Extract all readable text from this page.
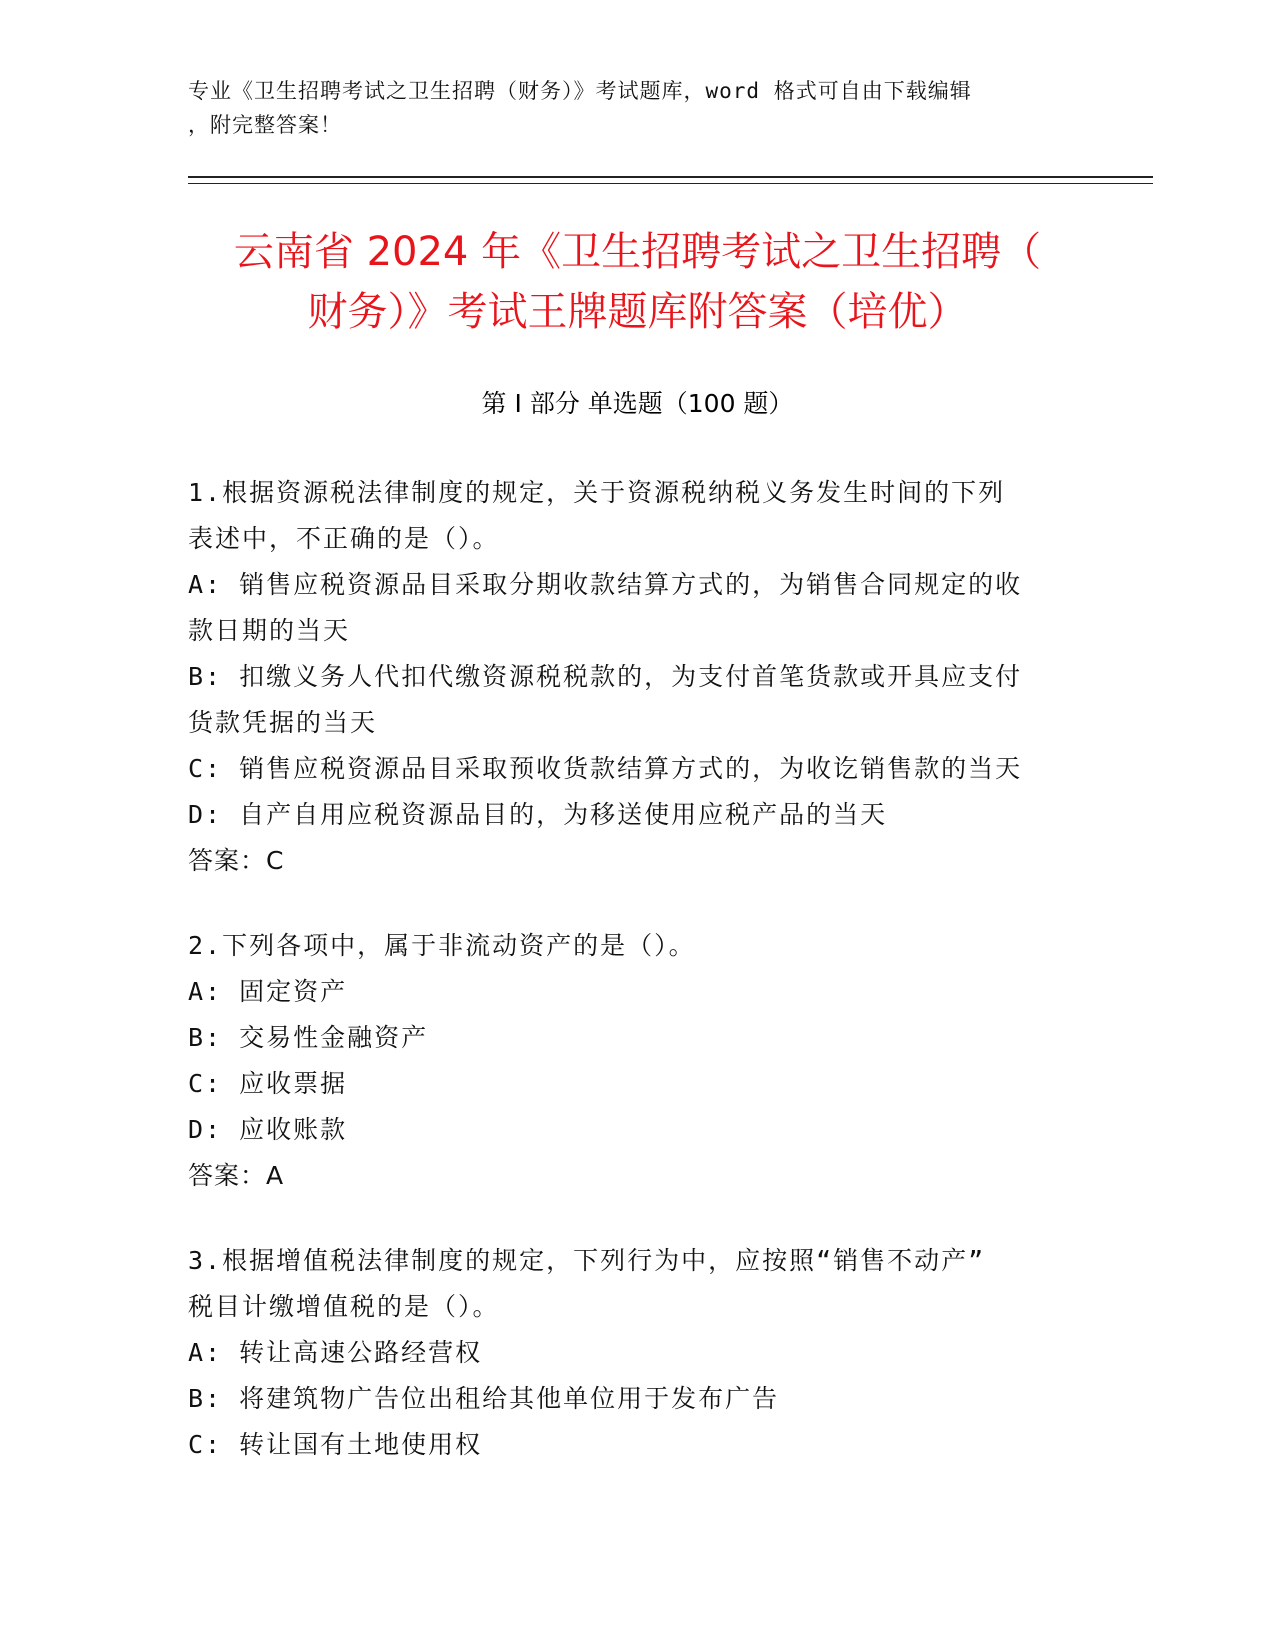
专业《卫生招聘考试之卫生招聘（财务）》考试题库，word 格式可自由下载编辑
，附完整答案！
云南省 2024 年《卫生招聘考试之卫生招聘（
财务）》考试王牌题库附答案（培优）
第 I 部分 单选题（100 题）
1.根据资源税法律制度的规定，关于资源税纳税义务发生时间的下列
表述中，不正确的是（）。
A: 销售应税资源品目采取分期收款结算方式的，为销售合同规定的收
款日期的当天
B: 扣缴义务人代扣代缴资源税税款的，为支付首笔货款或开具应支付
货款凭据的当天
C: 销售应税资源品目采取预收货款结算方式的，为收讫销售款的当天
D: 自产自用应税资源品目的，为移送使用应税产品的当天
答案：C
2.下列各项中，属于非流动资产的是（）。
A: 固定资产
B: 交易性金融资产
C: 应收票据
D: 应收账款
答案：A
3.根据增值税法律制度的规定，下列行为中，应按照“销售不动产”
税目计缴增值税的是（）。
A: 转让高速公路经营权
B: 将建筑物广告位出租给其他单位用于发布广告
C: 转让国有土地使用权
